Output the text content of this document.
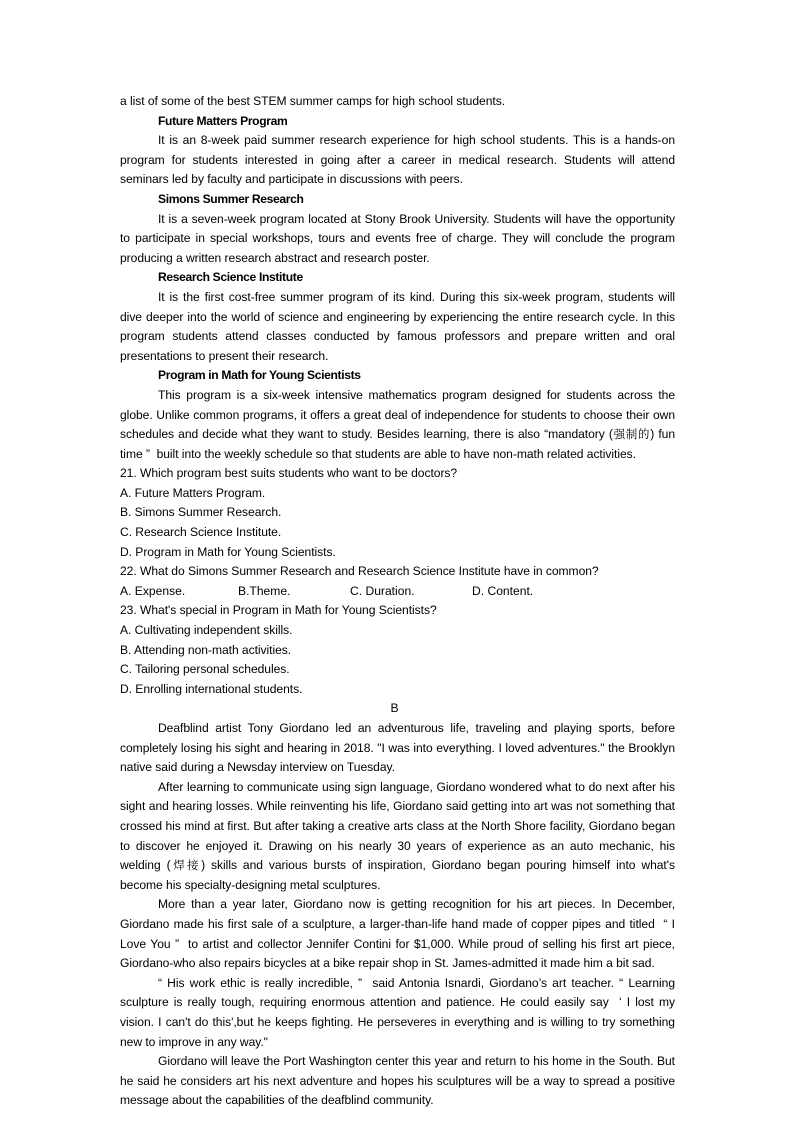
a list of some of the best STEM summer camps for high school students.
Future Matters Program
It is an 8-week paid summer research experience for high school students. This is a hands-on program for students interested in going after a career in medical research. Students will attend seminars led by faculty and participate in discussions with peers.
Simons Summer Research
It is a seven-week program located at Stony Brook University. Students will have the opportunity to participate in special workshops, tours and events free of charge. They will conclude the program producing a written research abstract and research poster.
Research Science Institute
It is the first cost-free summer program of its kind. During this six-week program, students will dive deeper into the world of science and engineering by experiencing the entire research cycle. In this program students attend classes conducted by famous professors and prepare written and oral presentations to present their research.
Program in Math for Young Scientists
This program is a six-week intensive mathematics program designed for students across the globe. Unlike common programs, it offers a great deal of independence for students to choose their own schedules and decide what they want to study. Besides learning, there is also “mandatory (强制的) fun time ” built into the weekly schedule so that students are able to have non-math related activities.
21. Which program best suits students who want to be doctors?
A. Future Matters Program.
B. Simons Summer Research.
C. Research Science Institute.
D. Program in Math for Young Scientists.
22. What do Simons Summer Research and Research Science Institute have in common?
A. Expense.	B.Theme.	C. Duration.	D. Content.
23. What's special in Program in Math for Young Scientists?
A. Cultivating independent skills.
B. Attending non-math activities.
C. Tailoring personal schedules.
D. Enrolling international students.
B
Deafblind artist Tony Giordano led an adventurous life, traveling and playing sports, before completely losing his sight and hearing in 2018. "I was into everything. I loved adventures." the Brooklyn native said during a Newsday interview on Tuesday.
After learning to communicate using sign language, Giordano wondered what to do next after his sight and hearing losses. While reinventing his life, Giordano said getting into art was not something that crossed his mind at first. But after taking a creative arts class at the North Shore facility, Giordano began to discover he enjoyed it. Drawing on his nearly 30 years of experience as an auto mechanic, his welding (焊接) skills and various bursts of inspiration, Giordano began pouring himself into what's become his specialty-designing metal sculptures.
More than a year later, Giordano now is getting recognition for his art pieces. In December, Giordano made his first sale of a sculpture, a larger-than-life hand made of copper pipes and titled “ I Love You ” to artist and collector Jennifer Contini for $1,000. While proud of selling his first art piece, Giordano-who also repairs bicycles at a bike repair shop in St. James-admitted it made him a bit sad.
“ His work ethic is really incredible, ” said Antonia Isnardi, Giordano’s art teacher. “ Learning sculpture is really tough, requiring enormous attention and patience. He could easily say ‘ I lost my vision. I can't do this',but he keeps fighting. He perseveres in everything and is willing to try something new to improve in any way."
Giordano will leave the Port Washington center this year and return to his home in the South. But he said he considers art his next adventure and hopes his sculptures will be a way to spread a positive message about the capabilities of the deafblind community.
